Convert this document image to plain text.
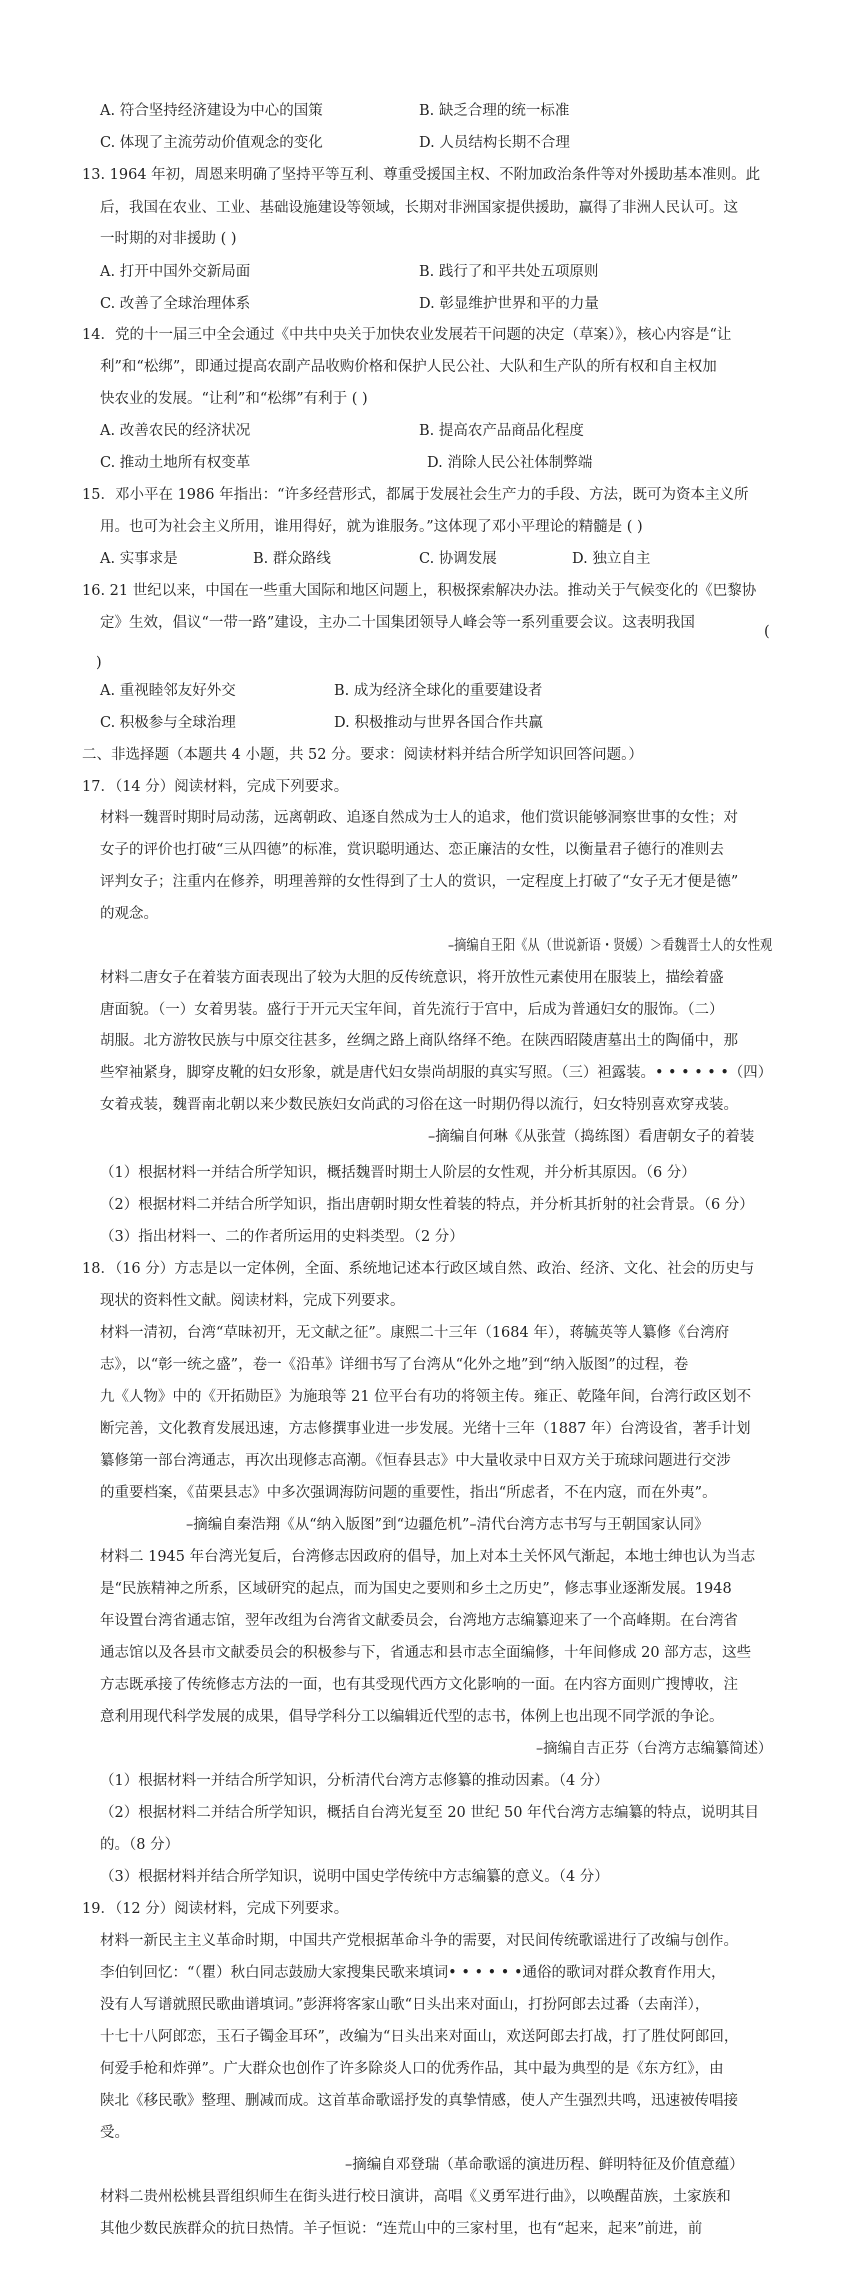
A. 符合坚持经济建设为中心的国策	B. 缺乏合理的统一标准
C. 体现了主流劳动价值观念的变化	D. 人员结构长期不合理
13. 1964 年初，周恩来明确了坚持平等互利、尊重受援国主权、不附加政治条件等对外援助基本准则。此
后，我国在农业、工业、基础设施建设等领域，长期对非洲国家提供援助，赢得了非洲人民认可。这
一时期的对非援助 ( )
A. 打开中国外交新局面	B. 践行了和平共处五项原则
C. 改善了全球治理体系	D. 彰显维护世界和平的力量
14．党的十一届三中全会通过《中共中央关于加快农业发展若干问题的决定（草案）》，核心内容是“让
利”和“松绑”，即通过提高农副产品收购价格和保护人民公社、大队和生产队的所有权和自主权加
快农业的发展。“让利”和“松绑”有利于 ( )
A. 改善农民的经济状况	B. 提高农产品商品化程度
C. 推动土地所有权变革	D. 消除人民公社体制弊端
15．邓小平在 1986 年指出：“许多经营形式，都属于发展社会生产力的手段、方法，既可为资本主义所
用。也可为社会主义所用，谁用得好，就为谁服务。”这体现了邓小平理论的精髓是 ( )
A. 实事求是	B. 群众路线	C. 协调发展	D. 独立自主
16. 21 世纪以来，中国在一些重大国际和地区问题上，积极探索解决办法。推动关于气候变化的《巴黎协
定》生效，倡议“一带一路”建设，主办二十国集团领导人峰会等一系列重要会议。这表明我国
(
)
A. 重视睦邻友好外交	B. 成为经济全球化的重要建设者
C. 积极参与全球治理	D. 积极推动与世界各国合作共赢
二、非选择题（本题共 4 小题，共 52 分。要求：阅读材料并结合所学知识回答问题。）
17．（14 分）阅读材料，完成下列要求。
材料一魏晋时期时局动荡，远离朝政、追逐自然成为士人的追求，他们赏识能够洞察世事的女性；对
女子的评价也打破“三从四德”的标准，赏识聪明通达、恋正廉洁的女性，以衡量君子德行的准则去
评判女子；注重内在修养，明理善辩的女性得到了士人的赏识，一定程度上打破了“女子无才便是德”
的观念。
–摘编自王阳《从（世说新语・贤媛）＞看魏晋士人的女性观
材料二唐女子在着装方面表现出了较为大胆的反传统意识，将开放性元素使用在服装上，描绘着盛
唐面貌。（一）女着男装。盛行于开元天宝年间，首先流行于宫中，后成为普通妇女的服饰。（二）
胡服。北方游牧民族与中原交往甚多，丝绸之路上商队络绎不绝。在陕西昭陵唐墓出土的陶俑中，那
些窄袖紧身，脚穿皮靴的妇女形象，就是唐代妇女崇尚胡服的真实写照。（三）袒露装。• • • • • •（四）
女着戎装，魏晋南北朝以来少数民族妇女尚武的习俗在这一时期仍得以流行，妇女特别喜欢穿戎装。
–摘编自何琳《从张萱（捣练图）看唐朝女子的着装
（1）根据材料一并结合所学知识，概括魏晋时期士人阶层的女性观，并分析其原因。（6 分）
（2）根据材料二并结合所学知识，指出唐朝时期女性着装的特点，并分析其折射的社会背景。（6 分）
（3）指出材料一、二的作者所运用的史料类型。（2 分）
18．（16 分）方志是以一定体例，全面、系统地记述本行政区域自然、政治、经济、文化、社会的历史与
现状的资料性文献。阅读材料，完成下列要求。
材料一清初，台湾“草昧初开，无文献之征”。康熙二十三年（1684 年），蒋毓英等人纂修《台湾府
志》，以“彰一统之盛”，卷一《沿革》详细书写了台湾从“化外之地”到“纳入版图”的过程，卷
九《人物》中的《开拓勋臣》为施琅等 21 位平台有功的将领主传。雍正、乾隆年间，台湾行政区划不
断完善，文化教育发展迅速，方志修撰事业进一步发展。光绪十三年（1887 年）台湾设省，著手计划
纂修第一部台湾通志，再次出现修志高潮。《恒春县志》中大量收录中日双方关于琉球问题进行交涉
的重要档案，《苗栗县志》中多次强调海防问题的重要性，指出“所虑者，不在内寇，而在外夷”。
–摘编自秦浩翔《从“纳入版图”到“边疆危机”–清代台湾方志书写与王朝国家认同》
材料二 1945 年台湾光复后，台湾修志因政府的倡导，加上对本土关怀风气渐起，本地士绅也认为当志
是“民族精神之所系，区域研究的起点，而为国史之要则和乡土之历史”，修志事业逐渐发展。1948
年设置台湾省通志馆，翌年改组为台湾省文献委员会，台湾地方志编纂迎来了一个高峰期。在台湾省
通志馆以及各县市文献委员会的积极参与下，省通志和县市志全面编修，十年间修成 20 部方志，这些
方志既承接了传统修志方法的一面，也有其受现代西方文化影响的一面。在内容方面则广搜博收，注
意利用现代科学发展的成果，倡导学科分工以编辑近代型的志书，体例上也出现不同学派的争论。
–摘编自吉正芬（台湾方志编纂简述）
（1）根据材料一并结合所学知识，分析清代台湾方志修纂的推动因素。（4 分）
（2）根据材料二并结合所学知识，概括自台湾光复至 20 世纪 50 年代台湾方志编纂的特点，说明其目
的。（8 分）
（3）根据材料并结合所学知识，说明中国史学传统中方志编纂的意义。（4 分）
19．（12 分）阅读材料，完成下列要求。
材料一新民主主义革命时期，中国共产党根据革命斗争的需要，对民间传统歌谣进行了改编与创作。
李伯钊回忆：“（瞿）秋白同志鼓励大家搜集民歌来填词• • • • • •通俗的歌词对群众教育作用大，
没有人写谱就照民歌曲谱填词。”彭湃将客家山歌“日头出来对面山，打扮阿郎去过番（去南洋），
十七十八阿郎恋，玉石子镯金耳环”，改编为“日头出来对面山，欢送阿郎去打战，打了胜仗阿郎回，
何爱手枪和炸弹”。广大群众也创作了许多除炎人口的优秀作品，其中最为典型的是《东方红》，由
陕北《移民歌》整理、删减而成。这首革命歌谣抒发的真挚情感，使人产生强烈共鸣，迅速被传唱接
受。
–摘编自邓登瑞（革命歌谣的演进历程、鲜明特征及价值意蕴）
材料二贵州松桃县晋组织师生在街头进行校日演讲，高唱《义勇军进行曲》，以唤醒苗族，土家族和
其他少数民族群众的抗日热情。羊子恒说：“连荒山中的三家村里，也有“起来，起来”前进，前
